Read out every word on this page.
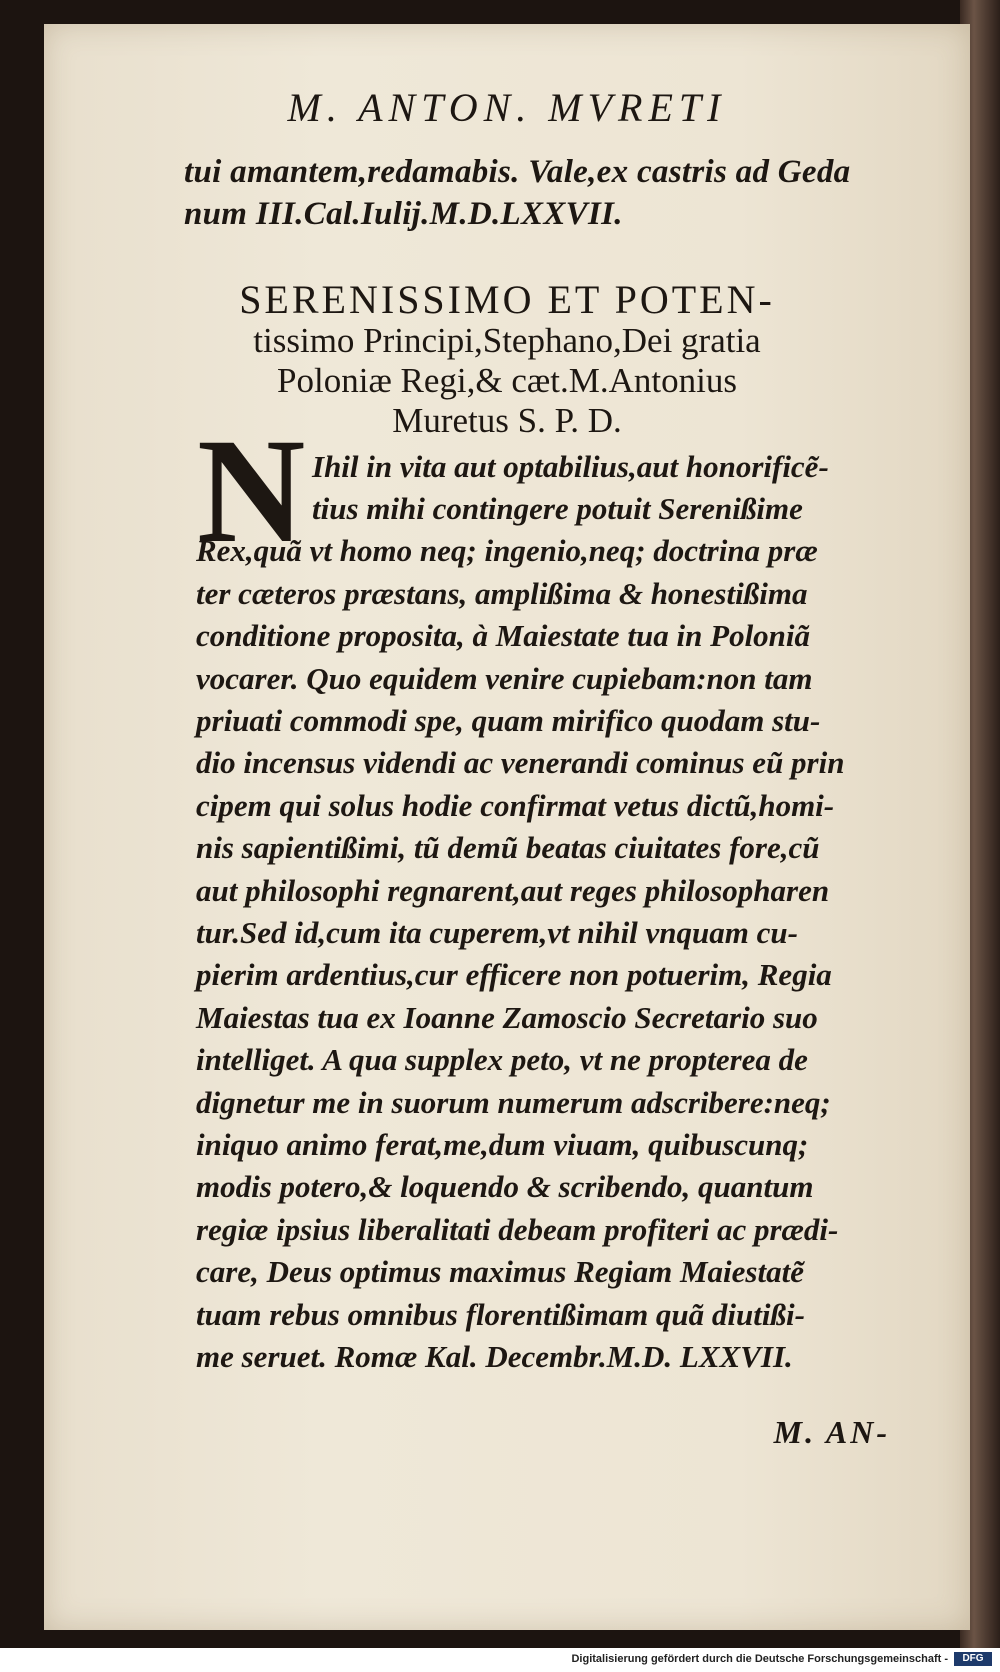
M. ANTON. MVRETI
tui amantem,redamabis. Vale,ex castris ad Geda
num III.Cal.Iulij.M.D.LXXVII.
SERENISSIMO ET POTEN-
tissimo Principi,Stephano,Dei gratia
Poloniæ Regi,& cæt.M.Antonius
Muretus S. P. D.
N Ihil in vita aut optabilius,aut honorificẽ-
tius mihi contingere potuit Serenißime
Rex,quã vt homo neq; ingenio,neq; doctrina præ
ter cæteros præstans, amplißima & honestißima
conditione proposita, à Maiestate tua in Poloniã
vocarer. Quo equidem venire cupiebam:non tam
priuati commodi spe, quam mirifico quodam stu-
dio incensus videndi ac venerandi cominus eũ prin
cipem qui solus hodie confirmat vetus dictũ,homi-
nis sapientißimi, tũ demũ beatas ciuitates fore,cũ
aut philosophi regnarent,aut reges philosopharen
tur.Sed id,cum ita cuperem,vt nihil vnquam cu-
pierim ardentius,cur efficere non potuerim, Regia
Maiestas tua ex Ioanne Zamoscio Secretario suo
intelliget. A qua supplex peto, vt ne propterea de
dignetur me in suorum numerum adscribere:neq;
iniquo animo ferat,me,dum viuam, quibuscunq;
modis potero,& loquendo & scribendo, quantum
regiæ ipsius liberalitati debeam profiteri ac prædi-
care, Deus optimus maximus Regiam Maiestatẽ
tuam rebus omnibus florentißimam quã diutißi-
me seruet. Romæ Kal. Decembr.M.D. LXXVII.
M. AN-
Digitalisierung gefördert durch die Deutsche Forschungsgemeinschaft -	DFG
